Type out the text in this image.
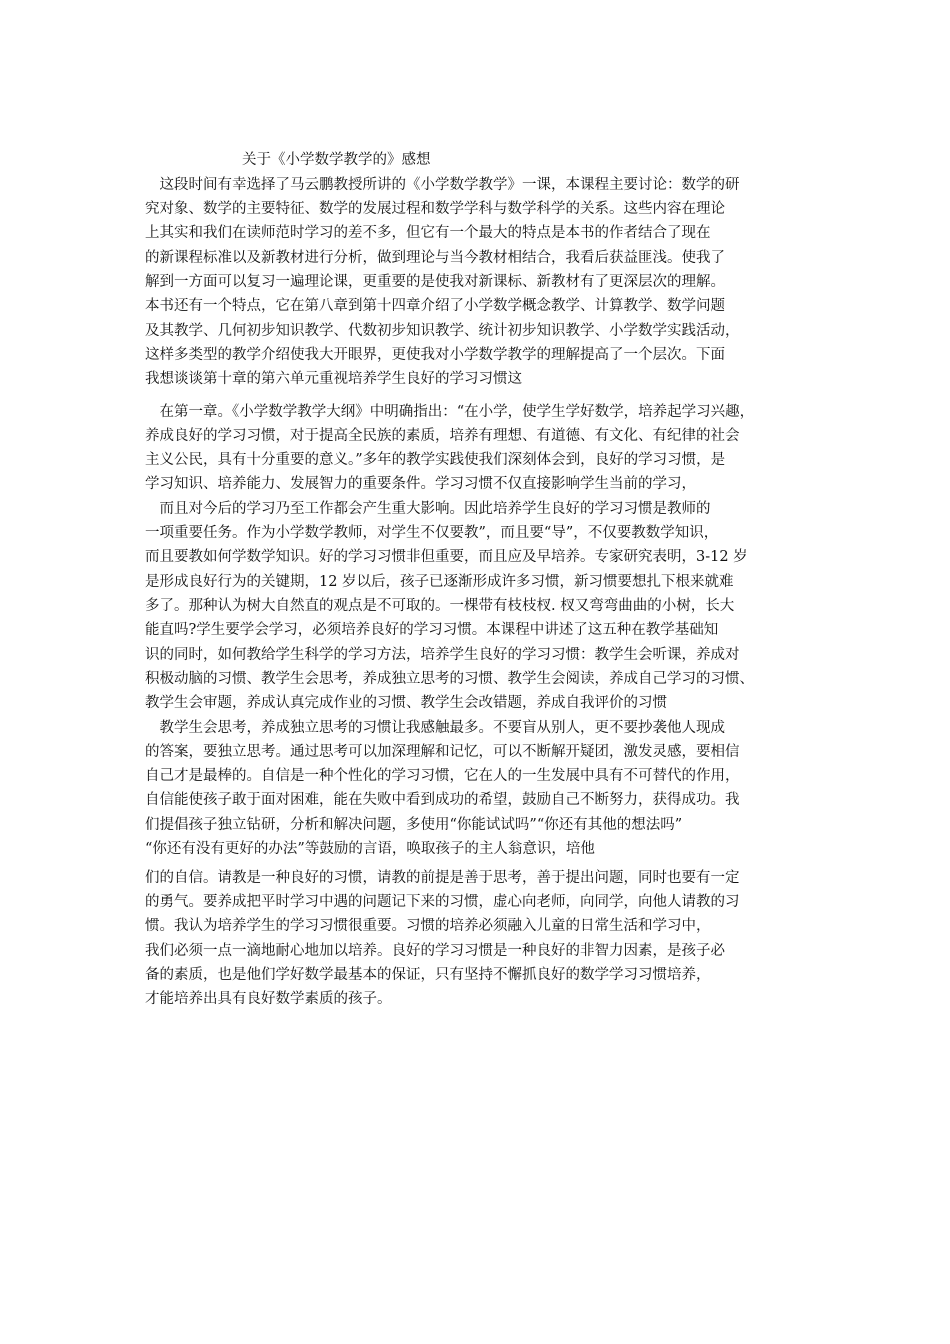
关于《小学数学教学的》感想
　这段时间有幸选择了马云鹏教授所讲的《小学数学教学》一课，本课程主要讨论：数学的研
究对象、数学的主要特征、数学的发展过程和数学学科与数学科学的关系。这些内容在理论
上其实和我们在读师范时学习的差不多，但它有一个最大的特点是本书的作者结合了现在
的新课程标准以及新教材进行分析，做到理论与当今教材相结合，我看后获益匪浅。使我了
解到一方面可以复习一遍理论课，更重要的是使我对新课标、新教材有了更深层次的理解。
本书还有一个特点，它在第八章到第十四章介绍了小学数学概念教学、计算教学、数学问题
及其教学、几何初步知识教学、代数初步知识教学、统计初步知识教学、小学数学实践活动，
这样多类型的教学介绍使我大开眼界，更使我对小学数学教学的理解提高了一个层次。下面
我想谈谈第十章的第六单元重视培养学生良好的学习习惯这
　在第一章。《小学数学教学大纲》中明确指出：“在小学，使学生学好数学，培养起学习兴趣，
养成良好的学习习惯，对于提高全民族的素质，培养有理想、有道德、有文化、有纪律的社会
主义公民，具有十分重要的意义。”多年的教学实践使我们深刻体会到，良好的学习习惯，是
学习知识、培养能力、发展智力的重要条件。学习习惯不仅直接影响学生当前的学习，
　而且对今后的学习乃至工作都会产生重大影响。因此培养学生良好的学习习惯是教师的
一项重要任务。作为小学数学教师，对学生不仅要教”，而且要“导”，不仅要教数学知识，
而且要教如何学数学知识。好的学习习惯非但重要，而且应及早培养。专家研究表明，3-12 岁
是形成良好行为的关键期，12 岁以后，孩子已逐渐形成许多习惯，新习惯要想扎下根来就难
多了。那种认为树大自然直的观点是不可取的。一棵带有枝枝杈. 杈又弯弯曲曲的小树，长大
能直吗?学生要学会学习，必须培养良好的学习习惯。本课程中讲述了这五种在教学基础知
识的同时，如何教给学生科学的学习方法，培养学生良好的学习习惯：教学生会听课，养成对
积极动脑的习惯、教学生会思考，养成独立思考的习惯、教学生会阅读，养成自己学习的习惯、
教学生会审题，养成认真完成作业的习惯、教学生会改错题，养成自我评价的习惯
　教学生会思考，养成独立思考的习惯让我感触最多。不要盲从别人，更不要抄袭他人现成
的答案，要独立思考。通过思考可以加深理解和记忆，可以不断解开疑团，激发灵感，要相信
自己才是最棒的。自信是一种个性化的学习习惯，它在人的一生发展中具有不可替代的作用，
自信能使孩子敢于面对困难，能在失败中看到成功的希望，鼓励自己不断努力，获得成功。我
们提倡孩子独立钻研，分析和解决问题，多使用“你能试试吗”“你还有其他的想法吗”
“你还有没有更好的办法”等鼓励的言语，唤取孩子的主人翁意识，培他
们的自信。请教是一种良好的习惯，请教的前提是善于思考，善于提出问题，同时也要有一定
的勇气。要养成把平时学习中遇的问题记下来的习惯，虚心向老师，向同学，向他人请教的习
惯。我认为培养学生的学习习惯很重要。习惯的培养必须融入儿童的日常生活和学习中，
我们必须一点一滴地耐心地加以培养。良好的学习习惯是一种良好的非智力因素，是孩子必
备的素质，也是他们学好数学最基本的保证，只有坚持不懈抓良好的数学学习习惯培养，
才能培养出具有良好数学素质的孩子。
